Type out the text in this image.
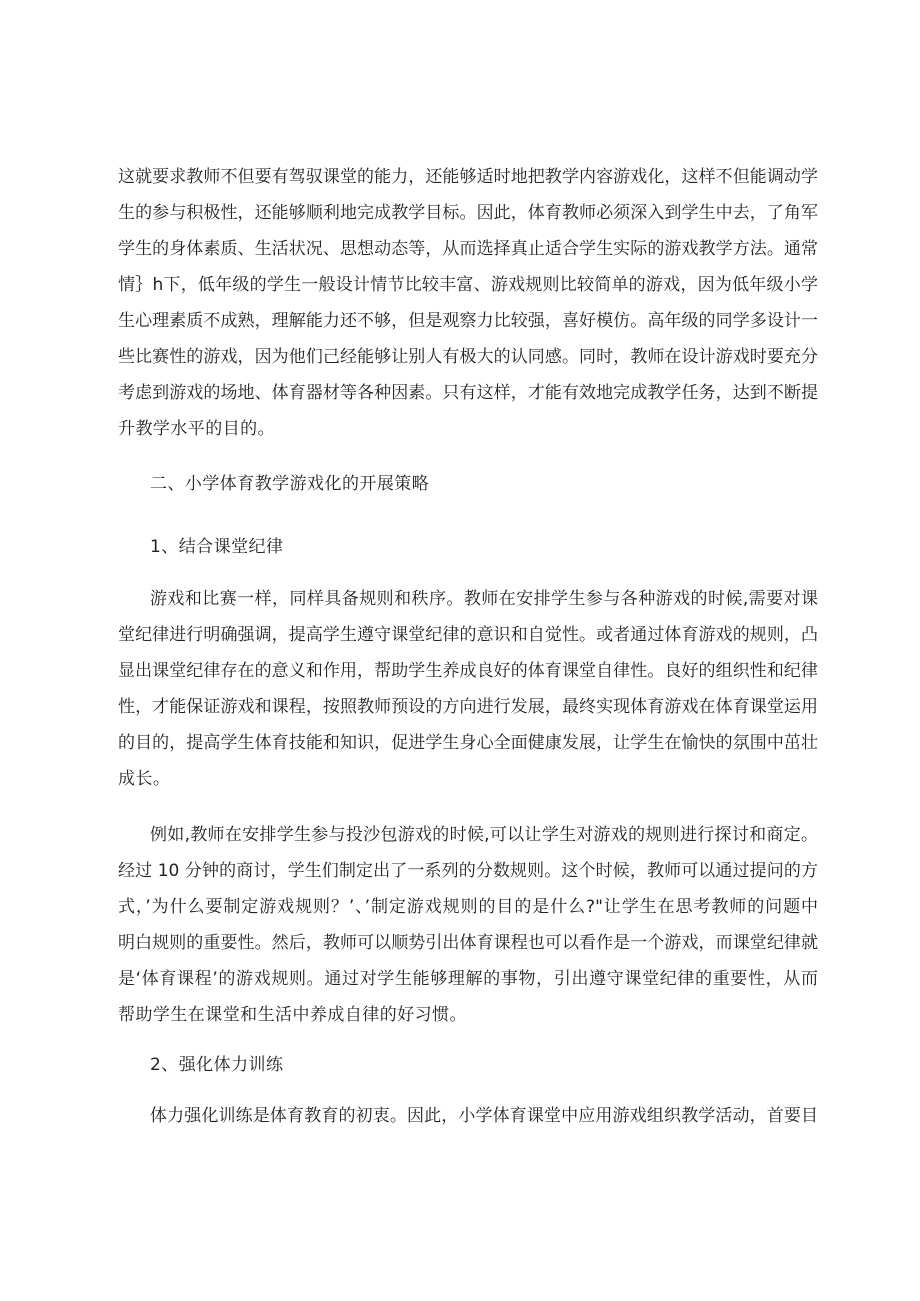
这就要求教师不但要有驾驭课堂的能力，还能够适时地把教学内容游戏化，这样不但能调动学
生的参与积极性，还能够顺利地完成教学目标。因此，体育教师必须深入到学生中去，了角军
学生的身体素质、生活状况、思想动态等，从而选择真止适合学生实际的游戏教学方法。通常
情｝h下，低年级的学生一般设计情节比较丰富、游戏规则比较简单的游戏，因为低年级小学
生心理素质不成熟，理解能力还不够，但是观察力比较强，喜好模仿。高年级的同学多设计一
些比赛性的游戏，因为他们己经能够让别人有极大的认同感。同时，教师在设计游戏时要充分
考虑到游戏的场地、体育器材等各种因素。只有这样，才能有效地完成教学任务，达到不断提
升教学水平的目的。
二、小学体育教学游戏化的开展策略
1、结合课堂纪律
游戏和比赛一样，同样具备规则和秩序。教师在安排学生参与各种游戏的时候,需要对课
堂纪律进行明确强调，提高学生遵守课堂纪律的意识和自觉性。或者通过体育游戏的规则，凸
显出课堂纪律存在的意义和作用，帮助学生养成良好的体育课堂自律性。良好的组织性和纪律
性，才能保证游戏和课程，按照教师预设的方向进行发展，最终实现体育游戏在体育课堂运用
的目的，提高学生体育技能和知识，促进学生身心全面健康发展，让学生在愉快的氛围中茁壮
成长。
例如,教师在安排学生参与投沙包游戏的时候,可以让学生对游戏的规则进行探讨和商定。
经过 10 分钟的商讨，学生们制定出了一系列的分数规则。这个时候，教师可以通过提问的方
式，’为什么要制定游戏规则？’、’制定游戏规则的目的是什么?"让学生在思考教师的问题中
明白规则的重要性。然后，教师可以顺势引出体育课程也可以看作是一个游戏，而课堂纪律就
是‘体育课程’的游戏规则。通过对学生能够理解的事物，引出遵守课堂纪律的重要性，从而
帮助学生在课堂和生活中养成自律的好习惯。
2、强化体力训练
体力强化训练是体育教育的初衷。因此，小学体育课堂中应用游戏组织教学活动，首要目
